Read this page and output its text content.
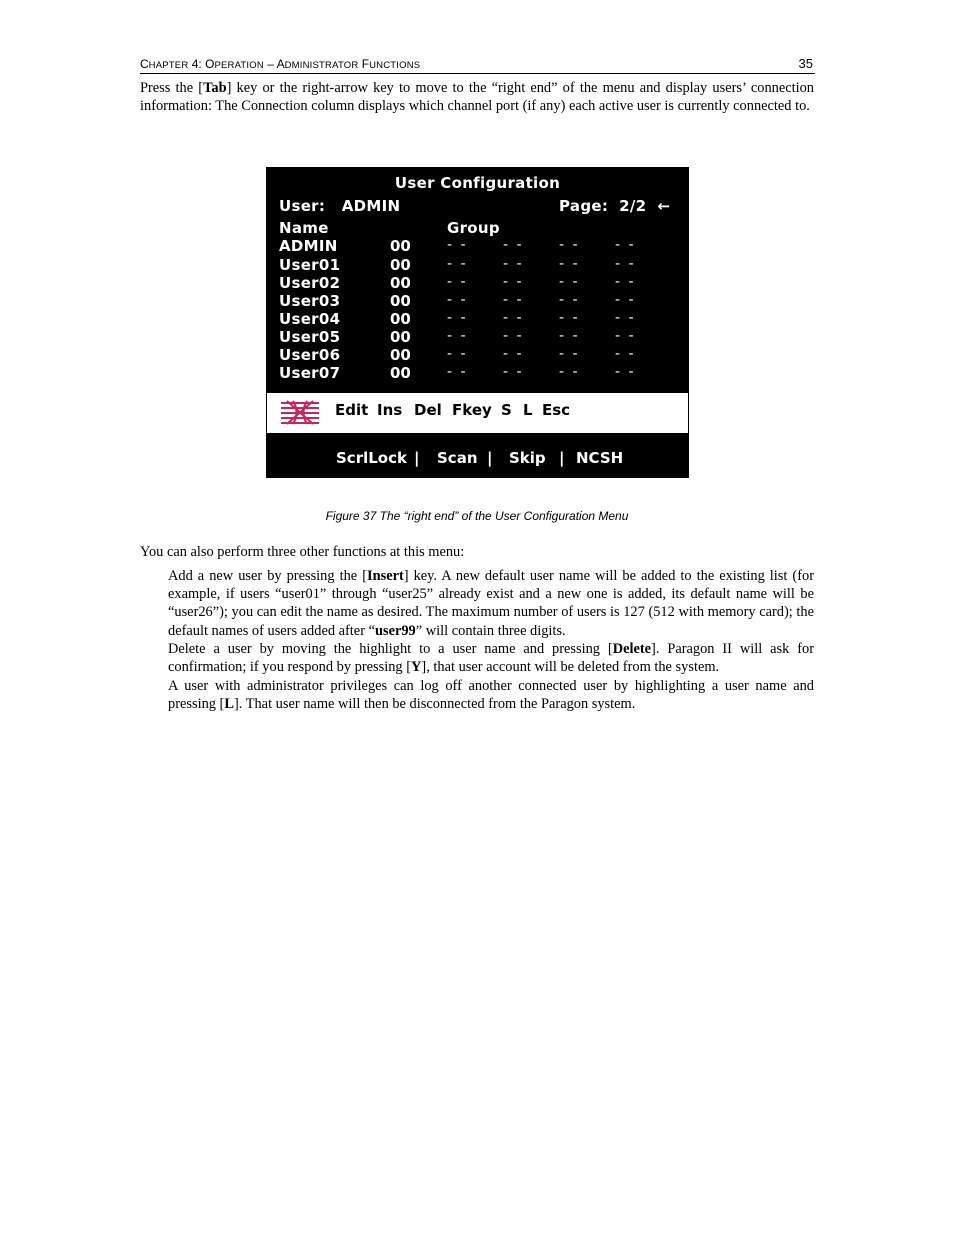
CHAPTER 4: OPERATION – ADMINISTRATOR FUNCTIONS	35
Press the [Tab] key or the right-arrow key to move to the “right end” of the menu and display users’ connection information: The Connection column displays which channel port (if any) each active user is currently connected to.
User Configuration
User:   ADMIN	Page:  2/2  ←
Name	Group
ADMIN	00	- -	- -	- -	- -
User01	00	- -	- -	- -	- -
User02	00	- -	- -	- -	- -
User03	00	- -	- -	- -	- -
User04	00	- -	- -	- -	- -
User05	00	- -	- -	- -	- -
User06	00	- -	- -	- -	- -
User07	00	- -	- -	- -	- -
Edit Ins Del Fkey S L Esc
ScrlLock | Scan | Skip | NCSH
Figure 37 The “right end” of the User Configuration Menu
You can also perform three other functions at this menu:
Add a new user by pressing the [Insert] key. A new default user name will be added to the existing list (for example, if users “user01” through “user25” already exist and a new one is added, its default name will be “user26”); you can edit the name as desired. The maximum number of users is 127 (512 with memory card); the default names of users added after “user99” will contain three digits.
Delete a user by moving the highlight to a user name and pressing [Delete]. Paragon II will ask for confirmation; if you respond by pressing [Y], that user account will be deleted from the system.
A user with administrator privileges can log off another connected user by highlighting a user name and pressing [L]. That user name will then be disconnected from the Paragon system.
